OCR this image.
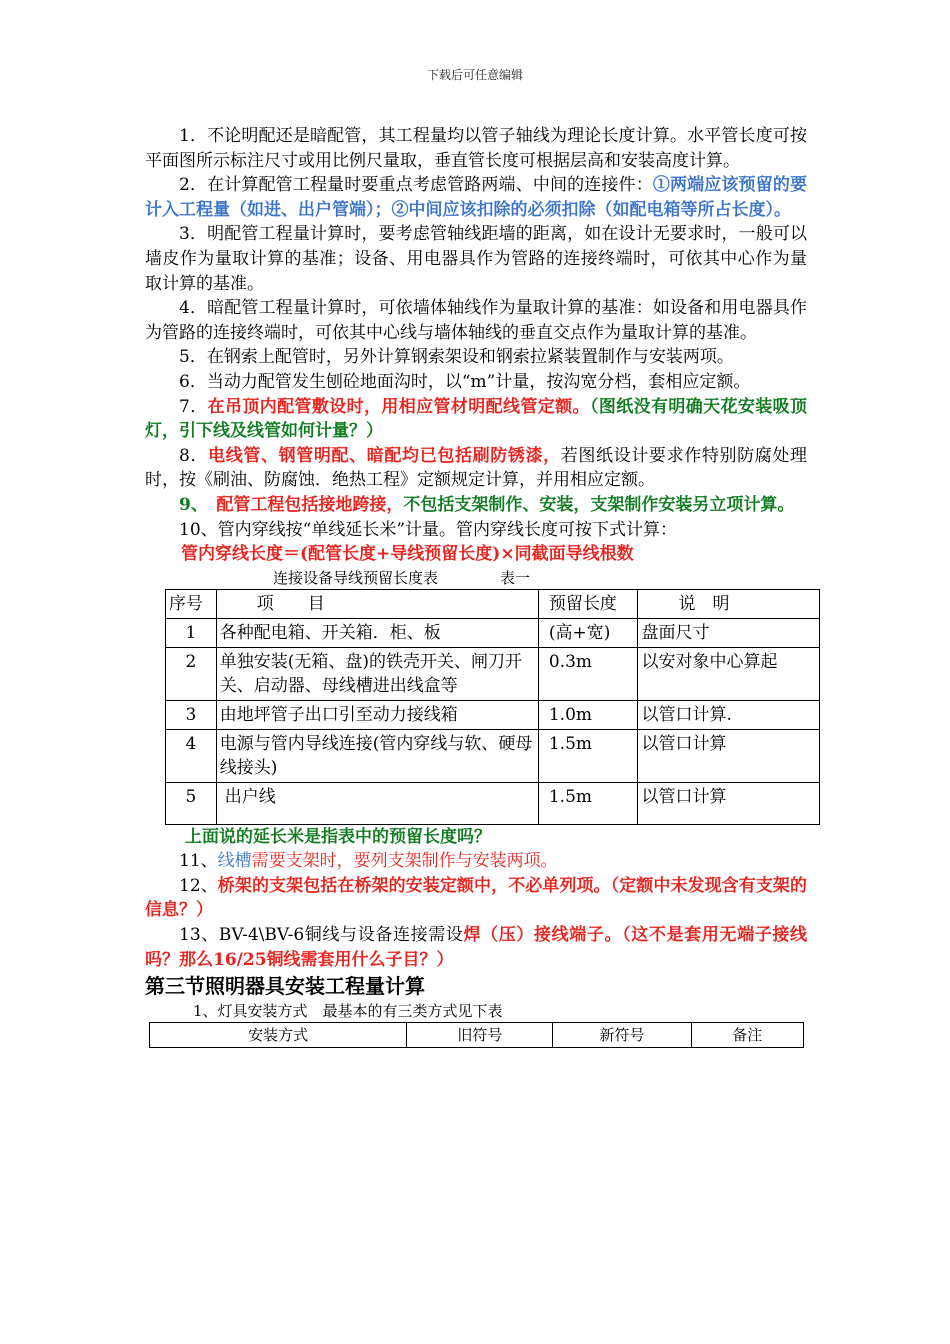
下载后可任意编辑

1．不论明配还是暗配管，其工程量均以管子轴线为理论长度计算。水平管长度可按平面图所示标注尺寸或用比例尺量取，垂直管长度可根据层高和安装高度计算。

2．在计算配管工程量时要重点考虑管路两端、中间的连接件：①两端应该预留的要计入工程量（如进、出户管端）；②中间应该扣除的必须扣除（如配电箱等所占长度）。

3．明配管工程量计算时，要考虑管轴线距墙的距离，如在设计无要求时，一般可以墙皮作为量取计算的基准；设备、用电器具作为管路的连接终端时，可依其中心作为量取计算的基准。

4．暗配管工程量计算时，可依墙体轴线作为量取计算的基准：如设备和用电器具作为管路的连接终端时，可依其中心线与墙体轴线的垂直交点作为量取计算的基准。

5．在钢索上配管时，另外计算钢索架设和钢索拉紧装置制作与安装两项。

6．当动力配管发生刨砼地面沟时，以“m”计量，按沟宽分档，套相应定额。

7．在吊顶内配管敷设时，用相应管材明配线管定额。（图纸没有明确天花安装吸顶灯，引下线及线管如何计量？）

8．电线管、钢管明配、暗配均已包括刷防锈漆，若图纸设计要求作特别防腐处理时，按《刷油、防腐蚀．绝热工程》定额规定计算，并用相应定额。

9、　 配管工程包括接地跨接，不包括支架制作、安装，支架制作安装另立项计算。

10、管内穿线按“单线延长米”计量。管内穿线长度可按下式计算：

管内穿线长度＝(配管长度+导线预留长度)×同截面导线根数

连接设备导线预留长度表	表一
序号	项　　目	预留长度	说　明
1	各种配电箱、开关箱．柜、板	(高+宽)	盘面尺寸
2	单独安装(无箱、盘)的铁壳开关、闸刀开关、启动器、母线槽进出线盒等	0.3m	以安对象中心算起
3	由地坪管子出口引至动力接线箱	1.0m	以管口计算.
4	电源与管内导线连接(管内穿线与软、硬母线接头)	1.5m	以管口计算
5	出户线	1.5m	以管口计算

上面说的延长米是指表中的预留长度吗？

11、线槽需要支架时，要列支架制作与安装两项。

12、桥架的支架包括在桥架的安装定额中，不必单列项。（定额中未发现含有支架的信息？）

13、BV-4\BV-6铜线与设备连接需设焊（压）接线端子。（这不是套用无端子接线吗？那么16/25铜线需套用什么子目？）

第三节照明器具安装工程量计算

1、灯具安装方式　最基本的有三类方式见下表

安装方式	旧符号	新符号	备注
